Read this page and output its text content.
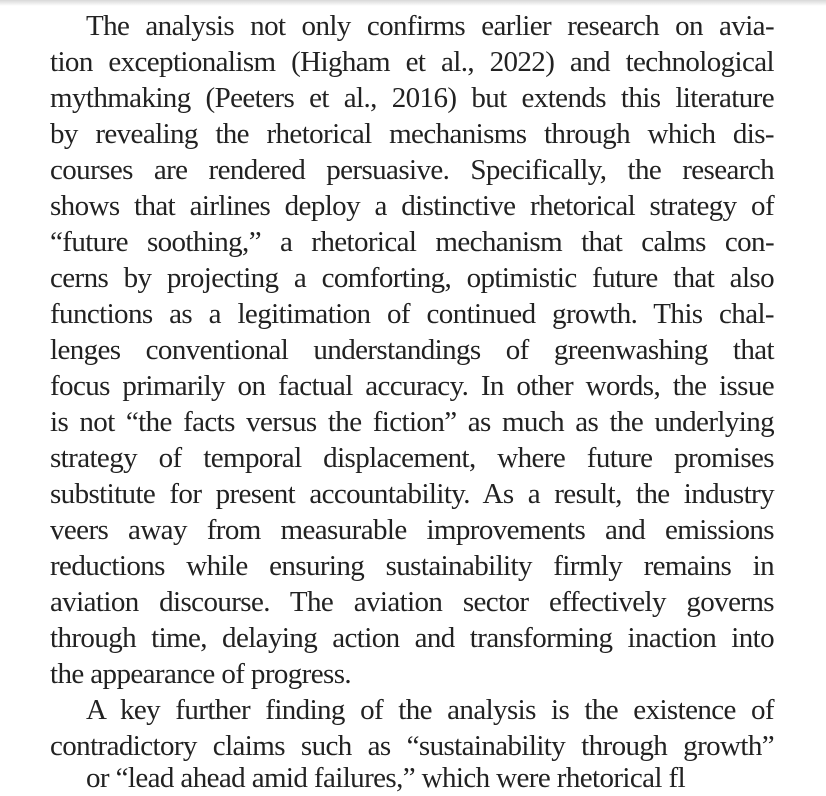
The analysis not only confirms earlier research on avia-
tion exceptionalism (Higham et al., 2022) and technological
mythmaking (Peeters et al., 2016) but extends this literature
by revealing the rhetorical mechanisms through which dis-
courses are rendered persuasive. Specifically, the research
shows that airlines deploy a distinctive rhetorical strategy of
“future soothing,” a rhetorical mechanism that calms con-
cerns by projecting a comforting, optimistic future that also
functions as a legitimation of continued growth. This chal-
lenges conventional understandings of greenwashing that
focus primarily on factual accuracy. In other words, the issue
is not “the facts versus the fiction” as much as the underlying
strategy of temporal displacement, where future promises
substitute for present accountability. As a result, the industry
veers away from measurable improvements and emissions
reductions while ensuring sustainability firmly remains in
aviation discourse. The aviation sector effectively governs
through time, delaying action and transforming inaction into
the appearance of progress.
A key further finding of the analysis is the existence of
contradictory claims such as “sustainability through growth”
or “lead ahead amid failures,” which were rhetorical fl
